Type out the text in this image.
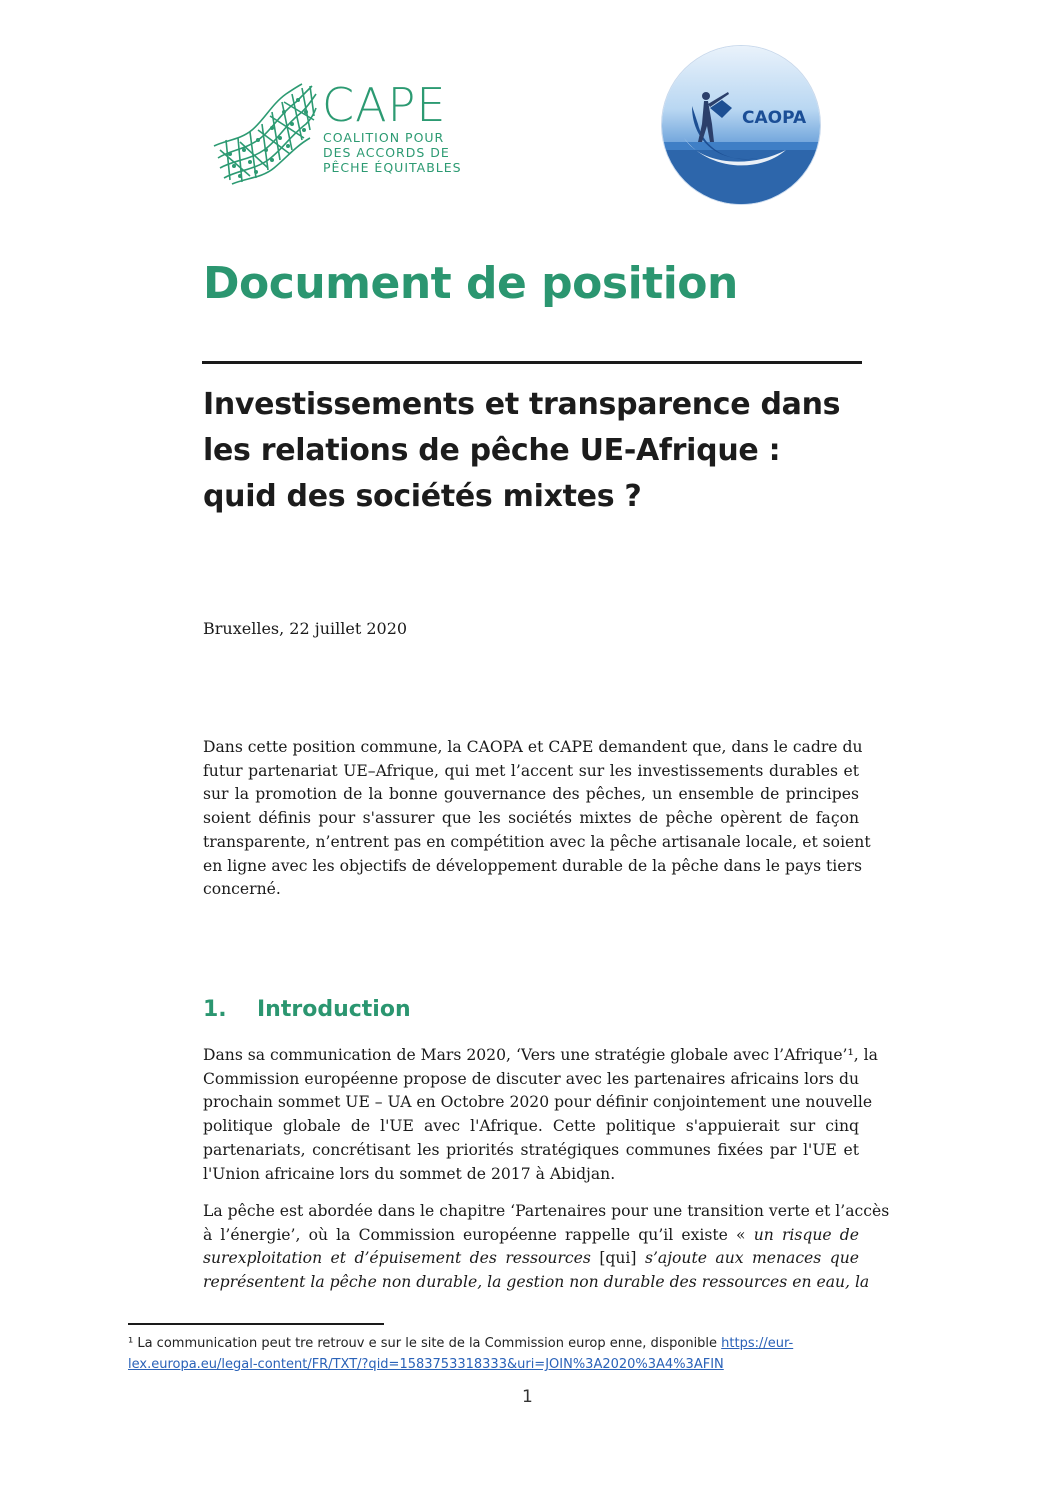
CAPE
COALITION POUR
DES ACCORDS DE
PÊCHE ÉQUITABLES
CAOPA
Document de position
Investissements et transparence dans
les relations de pêche UE-Afrique :
quid des sociétés mixtes ?
Bruxelles, 22 juillet 2020
Dans cette position commune, la CAOPA et CAPE demandent que, dans le cadre du
futur partenariat UE–Afrique, qui met l’accent sur les investissements durables et
sur la promotion de la bonne gouvernance des pêches, un ensemble de principes
soient définis pour s'assurer que les sociétés mixtes de pêche opèrent de façon
transparente, n’entrent pas en compétition avec la pêche artisanale locale, et soient
en ligne avec les objectifs de développement durable de la pêche dans le pays tiers
concerné.
1. Introduction
Dans sa communication de Mars 2020, ‘Vers une stratégie globale avec l’Afrique’¹, la
Commission européenne propose de discuter avec les partenaires africains lors du
prochain sommet UE – UA en Octobre 2020 pour définir conjointement une nouvelle
politique globale de l'UE avec l'Afrique. Cette politique s'appuierait sur cinq
partenariats, concrétisant les priorités stratégiques communes fixées par l'UE et
l'Union africaine lors du sommet de 2017 à Abidjan.
La pêche est abordée dans le chapitre ‘Partenaires pour une transition verte et l’accès
à l’énergie’, où la Commission européenne rappelle qu’il existe « un risque de
surexploitation et d’épuisement des ressources [qui] s’ajoute aux menaces que
représentent la pêche non durable, la gestion non durable des ressources en eau, la
¹ La communication peut tre retrouv e sur le site de la Commission europ enne, disponible https://eur-
lex.europa.eu/legal-content/FR/TXT/?qid=1583753318333&uri=JOIN%3A2020%3A4%3AFIN
1
